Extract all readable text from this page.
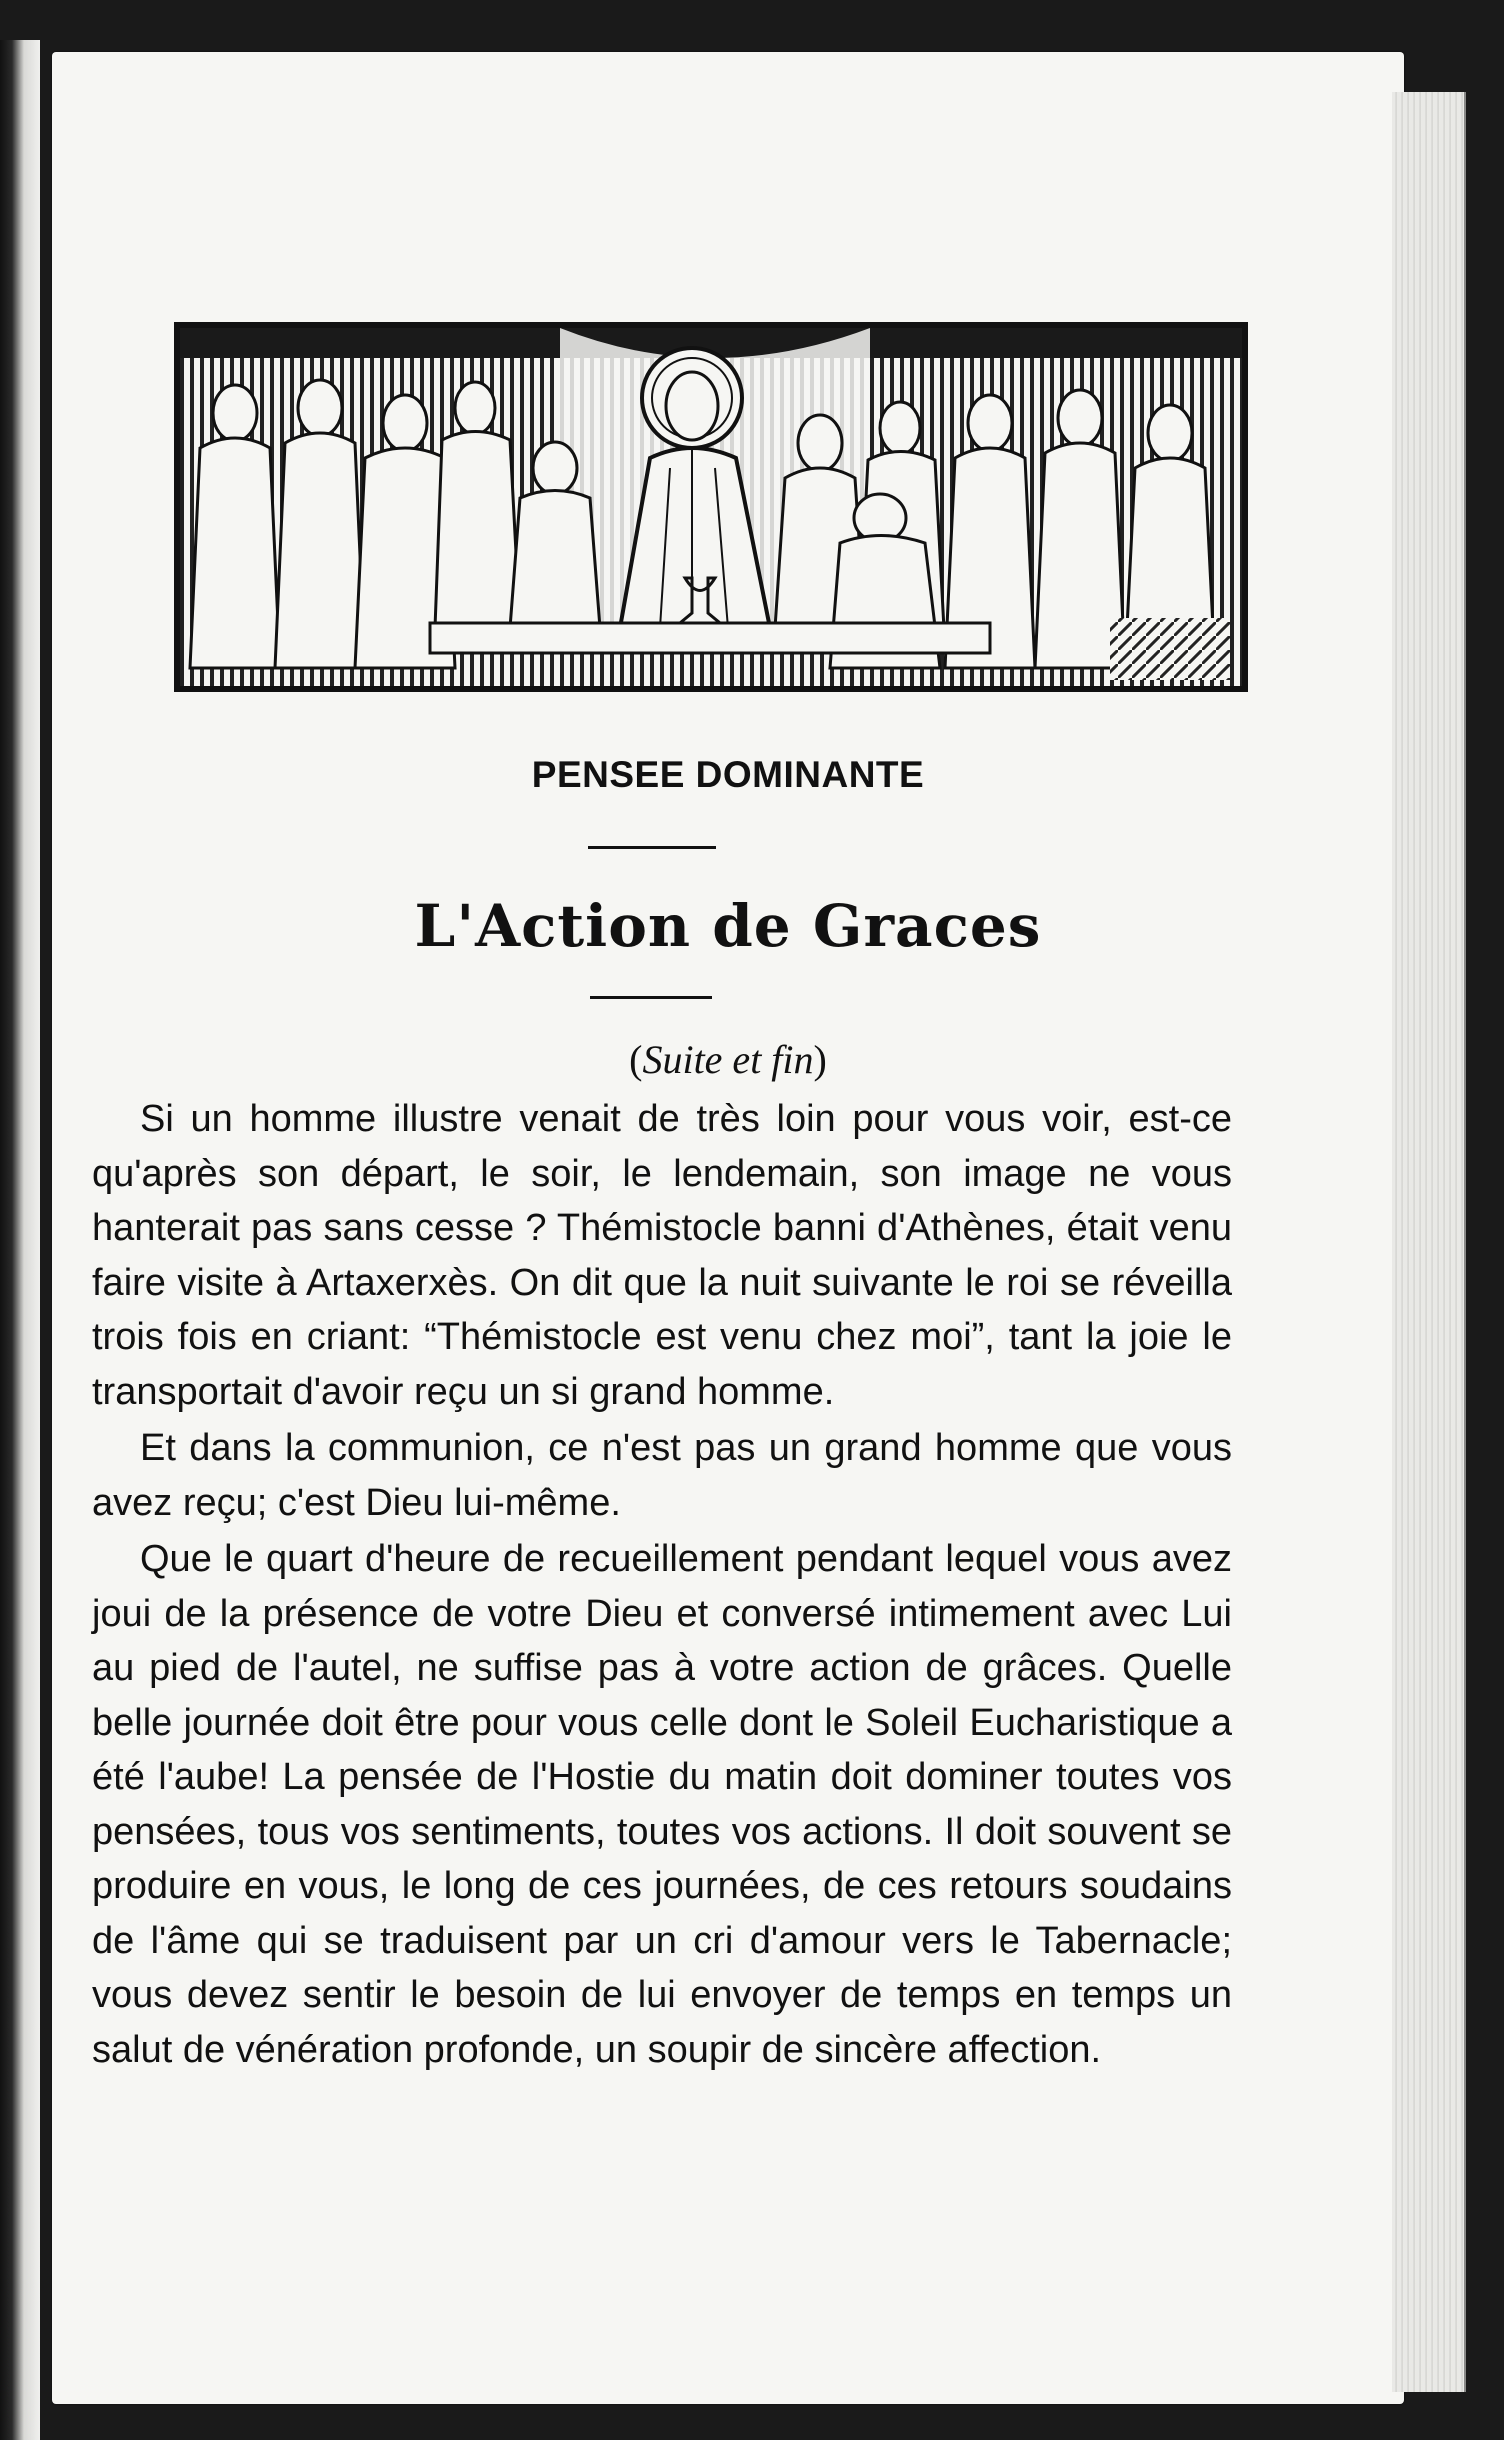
PENSEE DOMINANTE
L'Action de Graces
(Suite et fin)

Si un homme illustre venait de très loin pour vous voir, est-ce qu'après son départ, le soir, le lendemain, son image ne vous hanterait pas sans cesse ? Thémistocle banni d'Athènes, était venu faire visite à Artaxerxès. On dit que la nuit suivante le roi se réveilla trois fois en criant: “Thémistocle est venu chez moi”, tant la joie le transportait d'avoir reçu un si grand homme.

Et dans la communion, ce n'est pas un grand homme que vous avez reçu; c'est Dieu lui-même.

Que le quart d'heure de recueillement pendant lequel vous avez joui de la présence de votre Dieu et conversé intimement avec Lui au pied de l'autel, ne suffise pas à votre action de grâces. Quelle belle journée doit être pour vous celle dont le Soleil Eucharistique a été l'aube! La pensée de l'Hostie du matin doit dominer toutes vos pensées, tous vos sentiments, toutes vos actions. Il doit souvent se produire en vous, le long de ces journées, de ces retours soudains de l'âme qui se traduisent par un cri d'amour vers le Tabernacle; vous devez sentir le besoin de lui envoyer de temps en temps un salut de vénération profonde, un soupir de sincère affection.
